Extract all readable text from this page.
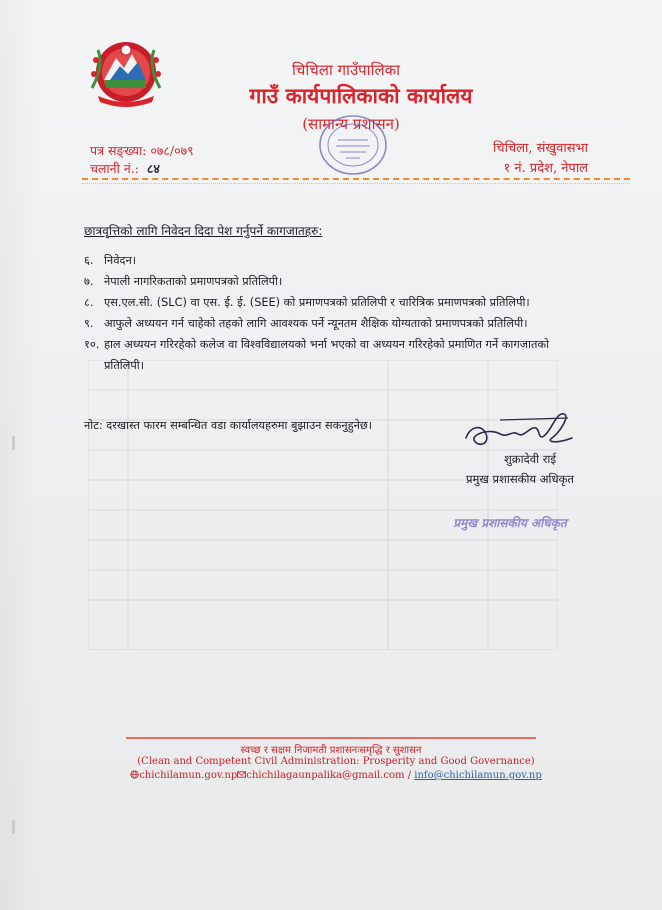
चिचिला गाउँपालिका
गाउँ कार्यपालिकाको कार्यालय
(सामान्य प्रशासन)
पत्र सङ्ख्या: ०७८/०७९
चलानी नं.: ८४
चिचिला, संखुवासभा
१ नं. प्रदेश, नेपाल
छात्रवृत्तिको लागि निवेदन दिदा पेश गर्नुपर्ने कागजातहरु:
६. निवेदन।
७. नेपाली नागरिकताको प्रमाणपत्रको प्रतिलिपी।
८. एस.एल.सी. (SLC) वा एस. ई. ई. (SEE) को प्रमाणपत्रको प्रतिलिपी र चारित्रिक प्रमाणपत्रको प्रतिलिपी।
९. आफुले अध्ययन गर्न चाहेको तहको लागि आवश्यक पर्ने न्यूनतम शैक्षिक योग्यताको प्रमाणपत्रको प्रतिलिपी।
१०. हाल अध्ययन गरिरहेको कलेज वा विश्वविद्यालयको भर्ना भएको वा अध्ययन गरिरहेको प्रमाणित गर्ने कागजातको प्रतिलिपी।
नोट: दरखास्त फारम सम्बन्धित वडा कार्यालयहरुमा बुझाउन सकनुहुनेछ।
शुक्रादेवी राई
प्रमुख प्रशासकीय अधिकृत
प्रमुख प्रशासकीय अधिकृत
स्वच्छ र सक्षम निजामती प्रशासनःसमृद्धि र सुशासन
(Clean and Competent Civil Administration: Prosperity and Good Governance)
chichilamun.gov.np chichilagaunpalika@gmail.com / info@chichilamun.gov.np
